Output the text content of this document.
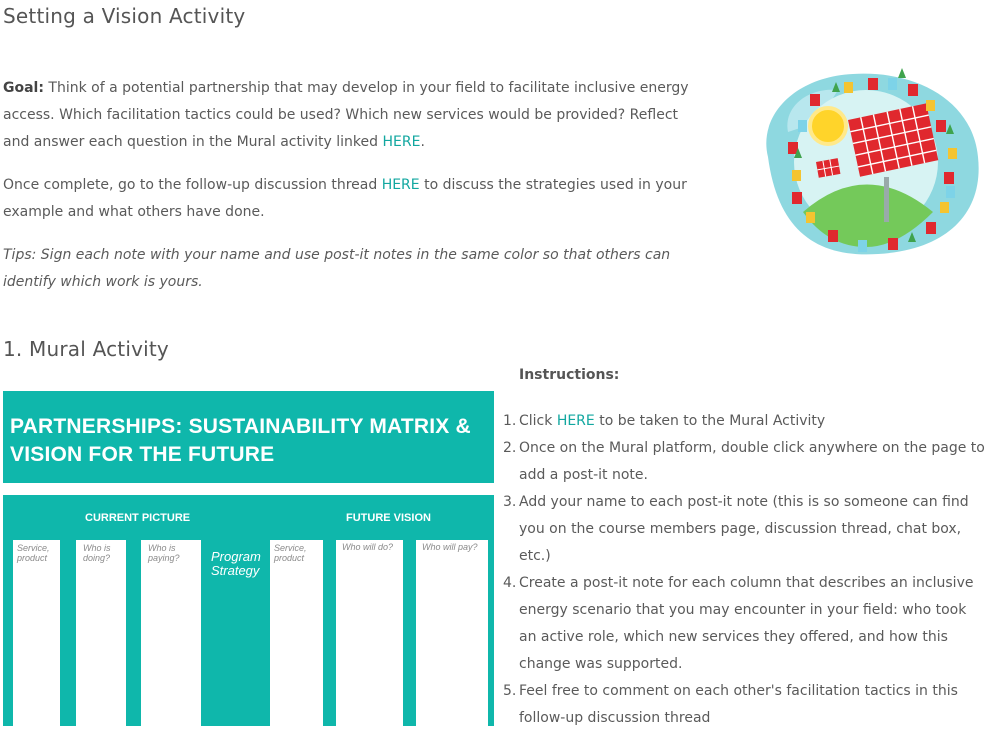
Setting a Vision Activity
Goal: Think of a potential partnership that may develop in your field to facilitate inclusive energy access. Which facilitation tactics could be used? Which new services would be provided? Reflect and answer each question in the Mural activity linked HERE.
Once complete, go to the follow-up discussion thread HERE to discuss the strategies used in your example and what others have done.
Tips: Sign each note with your name and use post-it notes in the same color so that others can identify which work is yours.
1. Mural Activity
PARTNERSHIPS: SUSTAINABILITY MATRIX &
VISION FOR THE FUTURE
CURRENT PICTURE	FUTURE VISION
Service, product
Who is doing?
Who is paying?	Program Strategy
Service, product
Who will do?	Who will pay?
Instructions:
1. Click HERE to be taken to the Mural Activity
2. Once on the Mural platform, double click anywhere on the page to add a post-it note.
3. Add your name to each post-it note (this is so someone can find you on the course members page, discussion thread, chat box, etc.)
4. Create a post-it note for each column that describes an inclusive energy scenario that you may encounter in your field: who took an active role, which new services they offered, and how this change was supported.
5. Feel free to comment on each other's facilitation tactics in this follow-up discussion thread
